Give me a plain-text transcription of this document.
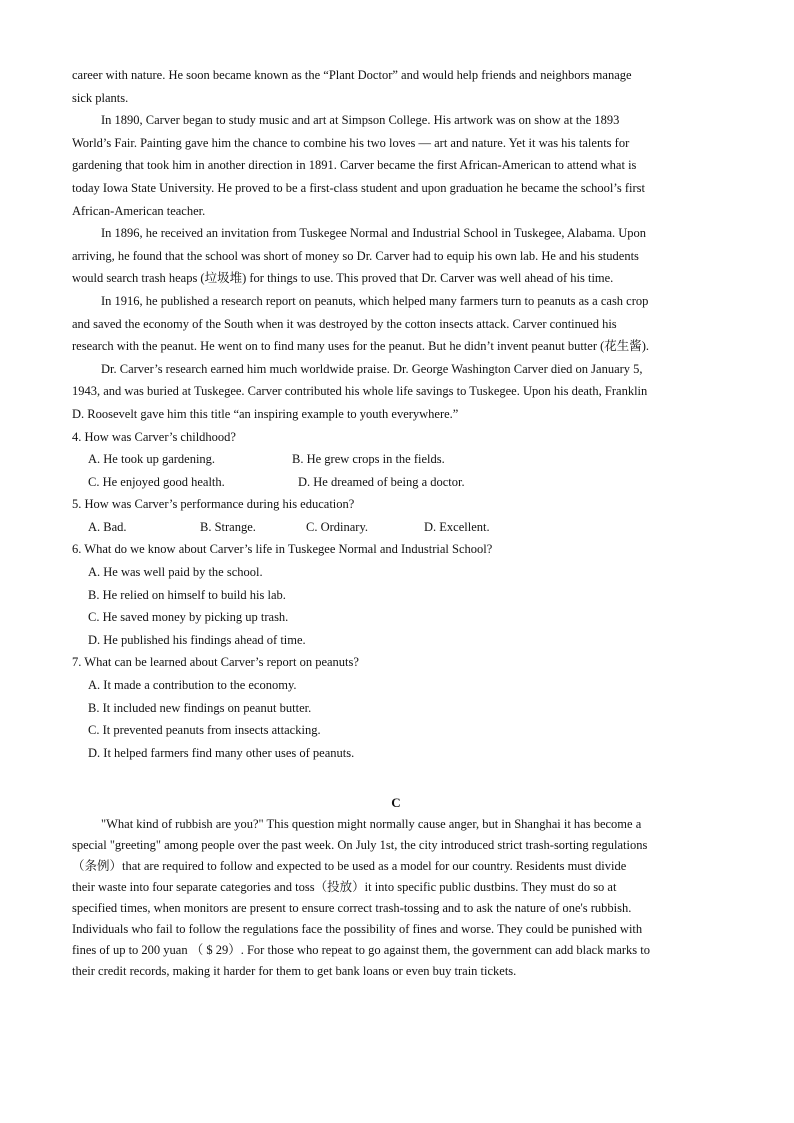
career with nature. He soon became known as the “Plant Doctor” and would help friends and neighbors manage
sick plants.
In 1890, Carver began to study music and art at Simpson College. His artwork was on show at the 1893
World’s Fair. Painting gave him the chance to combine his two loves — art and nature. Yet it was his talents for
gardening that took him in another direction in 1891. Carver became the first African-American to attend what is
today Iowa State University. He proved to be a first-class student and upon graduation he became the school’s first
African-American teacher.
In 1896, he received an invitation from Tuskegee Normal and Industrial School in Tuskegee, Alabama. Upon
arriving, he found that the school was short of money so Dr. Carver had to equip his own lab. He and his students
would search trash heaps (垃圾堆) for things to use. This proved that Dr. Carver was well ahead of his time.
In 1916, he published a research report on peanuts, which helped many farmers turn to peanuts as a cash crop
and saved the economy of the South when it was destroyed by the cotton insects attack. Carver continued his
research with the peanut. He went on to find many uses for the peanut. But he didn’t invent peanut butter (花生酱).
Dr. Carver’s research earned him much worldwide praise. Dr. George Washington Carver died on January 5,
1943, and was buried at Tuskegee. Carver contributed his whole life savings to Tuskegee. Upon his death, Franklin
D. Roosevelt gave him this title “an inspiring example to youth everywhere.”
4. How was Carver’s childhood?
A. He took up gardening.	B. He grew crops in the fields.
C. He enjoyed good health.	D. He dreamed of being a doctor.
5. How was Carver’s performance during his education?
A. Bad.	B. Strange.	C. Ordinary.	D. Excellent.
6. What do we know about Carver’s life in Tuskegee Normal and Industrial School?
A. He was well paid by the school.
B. He relied on himself to build his lab.
C. He saved money by picking up trash.
D. He published his findings ahead of time.
7. What can be learned about Carver’s report on peanuts?
A. It made a contribution to the economy.
B. It included new findings on peanut butter.
C. It prevented peanuts from insects attacking.
D. It helped farmers find many other uses of peanuts.
C
"What kind of rubbish are you?" This question might normally cause anger, but in Shanghai it has become a
special "greeting" among people over the past week. On July 1st, the city introduced strict trash-sorting regulations
（条例）that are required to follow and expected to be used as a model for our country. Residents must divide
their waste into four separate categories and toss（投放）it into specific public dustbins. They must do so at
specified times, when monitors are present to ensure correct trash-tossing and to ask the nature of one's rubbish.
Individuals who fail to follow the regulations face the possibility of fines and worse. They could be punished with
fines of up to 200 yuan （ $ 29）. For those who repeat to go against them, the government can add black marks to
their credit records, making it harder for them to get bank loans or even buy train tickets.
